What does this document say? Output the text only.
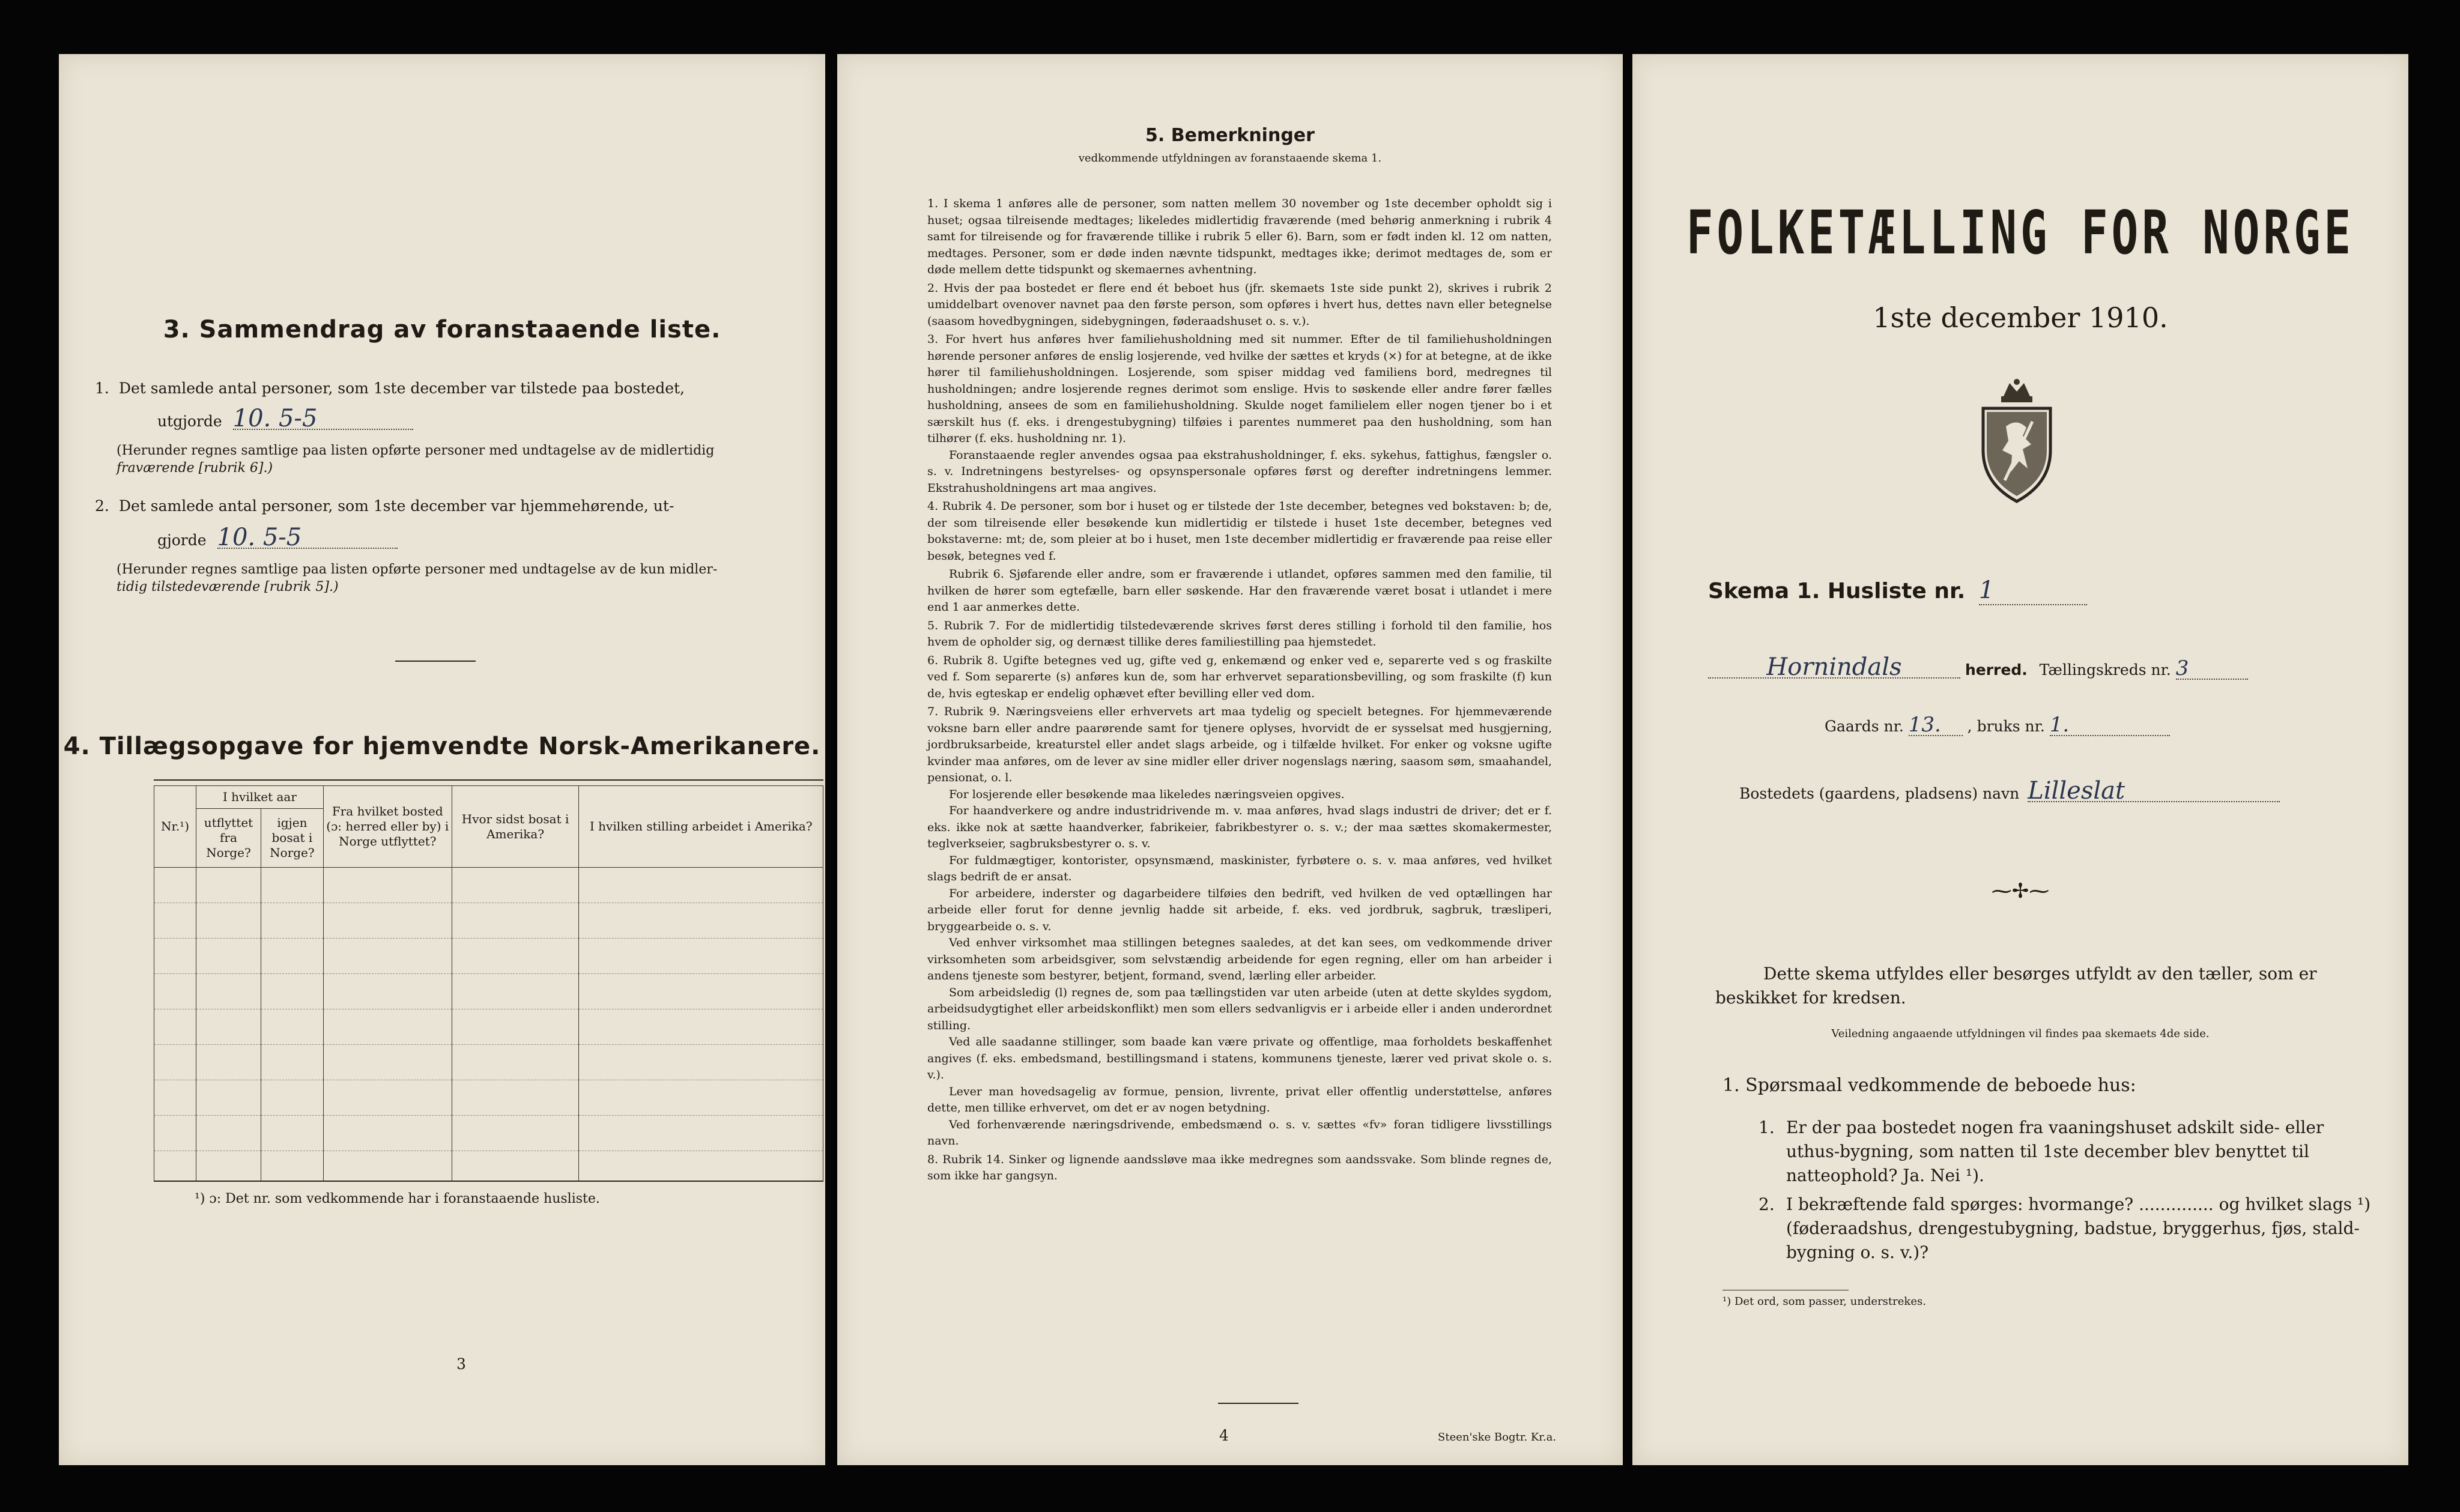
3. Sammendrag av foranstaaende liste.
1. Det samlede antal personer, som 1ste december var tilstede paa bostedet,
utgjorde 10. 5-5
(Herunder regnes samtlige paa listen opførte personer med undtagelse av de midlertidig
fraværende [rubrik 6].)
2. Det samlede antal personer, som 1ste december var hjemmehørende, ut-
gjorde 10. 5-5
(Herunder regnes samtlige paa listen opførte personer med undtagelse av de kun midler-
tidig tilstedeværende [rubrik 5].)
4. Tillægsopgave for hjemvendte Norsk-Amerikanere.
Nr.¹)	I hvilket aar		Fra hvilket bosted (ɔ: herred eller by) i Norge utflyttet?	Hvor sidst bosat i Amerika?	I hvilken stilling arbeidet i Amerika?
	utflyttet fra Norge?	igjen bosat i Norge?			

¹) ɔ: Det nr. som vedkommende har i foranstaaende husliste.
3
5. Bemerkninger
vedkommende utfyldningen av foranstaaende skema 1.

1. I skema 1 anføres alle de personer, som natten mellem 30 november og 1ste december opholdt sig i huset; ogsaa tilreisende medtages; likeledes midlertidig fraværende (med behørig anmerkning i rubrik 4 samt for tilreisende og for fraværende tillike i rubrik 5 eller 6). Barn, som er født inden kl. 12 om natten, medtages. Personer, som er døde inden nævnte tidspunkt, medtages ikke; derimot medtages de, som er døde mellem dette tidspunkt og skemaernes avhentning.

2. Hvis der paa bostedet er flere end ét beboet hus (jfr. skemaets 1ste side punkt 2), skrives i rubrik 2 umiddelbart ovenover navnet paa den første person, som opføres i hvert hus, dettes navn eller betegnelse (saasom hovedbygningen, sidebygningen, føderaadshuset o. s. v.).

3. For hvert hus anføres hver familiehusholdning med sit nummer. Efter de til familiehusholdningen hørende personer anføres de enslig losjerende, ved hvilke der sættes et kryds (×) for at betegne, at de ikke hører til familiehusholdningen. Losjerende, som spiser middag ved familiens bord, medregnes til husholdningen; andre losjerende regnes derimot som enslige. Hvis to søskende eller andre fører fælles husholdning, ansees de som en familiehusholdning. Skulde noget familielem eller nogen tjener bo i et særskilt hus (f. eks. i drengestubygning) tilføies i parentes nummeret paa den husholdning, som han tilhører (f. eks. husholdning nr. 1).

Foranstaaende regler anvendes ogsaa paa ekstrahusholdninger, f. eks. sykehus, fattighus, fængsler o. s. v. Indretningens bestyrelses- og opsynspersonale opføres først og derefter indretningens lemmer. Ekstrahusholdningens art maa angives.

4. Rubrik 4. De personer, som bor i huset og er tilstede der 1ste december, betegnes ved bokstaven: b; de, der som tilreisende eller besøkende kun midlertidig er tilstede i huset 1ste december, betegnes ved bokstaverne: mt; de, som pleier at bo i huset, men 1ste december midlertidig er fraværende paa reise eller besøk, betegnes ved f.

Rubrik 6. Sjøfarende eller andre, som er fraværende i utlandet, opføres sammen med den familie, til hvilken de hører som egtefælle, barn eller søskende. Har den fraværende været bosat i utlandet i mere end 1 aar anmerkes dette.

5. Rubrik 7. For de midlertidig tilstedeværende skrives først deres stilling i forhold til den familie, hos hvem de opholder sig, og dernæst tillike deres familiestilling paa hjemstedet.

6. Rubrik 8. Ugifte betegnes ved ug, gifte ved g, enkemænd og enker ved e, separerte ved s og fraskilte ved f. Som separerte (s) anføres kun de, som har erhvervet separationsbevilling, og som fraskilte (f) kun de, hvis egteskap er endelig ophævet efter bevilling eller ved dom.

7. Rubrik 9. Næringsveiens eller erhvervets art maa tydelig og specielt betegnes. For hjemmeværende voksne barn eller andre paarørende samt for tjenere oplyses, hvorvidt de er sysselsat med husgjerning, jordbruksarbeide, kreaturstel eller andet slags arbeide, og i tilfælde hvilket. For enker og voksne ugifte kvinder maa anføres, om de lever av sine midler eller driver nogenslags næring, saasom søm, smaahandel, pensionat, o. l.

For losjerende eller besøkende maa likeledes næringsveien opgives.

For haandverkere og andre industridrivende m. v. maa anføres, hvad slags industri de driver; det er f. eks. ikke nok at sætte haandverker, fabrikeier, fabrikbestyrer o. s. v.; der maa sættes skomakermester, teglverkseier, sagbruksbestyrer o. s. v.

For fuldmægtiger, kontorister, opsynsmænd, maskinister, fyrbøtere o. s. v. maa anføres, ved hvilket slags bedrift de er ansat.

For arbeidere, inderster og dagarbeidere tilføies den bedrift, ved hvilken de ved optællingen har arbeide eller forut for denne jevnlig hadde sit arbeide, f. eks. ved jordbruk, sagbruk, træsliperi, bryggearbeide o. s. v.

Ved enhver virksomhet maa stillingen betegnes saaledes, at det kan sees, om vedkommende driver virksomheten som arbeidsgiver, som selvstændig arbeidende for egen regning, eller om han arbeider i andens tjeneste som bestyrer, betjent, formand, svend, lærling eller arbeider.

Som arbeidsledig (l) regnes de, som paa tællingstiden var uten arbeide (uten at dette skyldes sygdom, arbeidsudygtighet eller arbeidskonflikt) men som ellers sedvanligvis er i arbeide eller i anden underordnet stilling.

Ved alle saadanne stillinger, som baade kan være private og offentlige, maa forholdets beskaffenhet angives (f. eks. embedsmand, bestillingsmand i statens, kommunens tjeneste, lærer ved privat skole o. s. v.).

Lever man hovedsagelig av formue, pension, livrente, privat eller offentlig understøttelse, anføres dette, men tillike erhvervet, om det er av nogen betydning.

Ved forhenværende næringsdrivende, embedsmænd o. s. v. sættes «fv» foran tidligere livsstillings navn.

8. Rubrik 14. Sinker og lignende aandssløve maa ikke medregnes som aandssvake. Som blinde regnes de, som ikke har gangsyn.

4	Steen'ske Bogtr. Kr.a.
FOLKETÆLLING FOR NORGE
1ste december 1910.
Skema 1. Husliste nr. 1
Hornindals	herred. Tællingskreds nr. 3
Gaards nr. 13. , bruks nr. 1.
Bostedets (gaardens, pladsens) navn Lilleslat
⁓✢⁓
Dette skema utfyldes eller besørges utfyldt av den tæller, som er
beskikket for kredsen.
Veiledning angaaende utfyldningen vil findes paa skemaets 4de side.
1. Spørsmaal vedkommende de beboede hus:
1. Er der paa bostedet nogen fra vaaningshuset adskilt side- eller
uthus-bygning, som natten til 1ste december blev benyttet til
natteophold? Ja. Nei ¹).
2. I bekræftende fald spørges: hvormange? .............. og hvilket slags ¹)
(føderaadshus, drengestubygning, badstue, bryggerhus, fjøs, stald-
bygning o. s. v.)?
¹) Det ord, som passer, understrekes.
